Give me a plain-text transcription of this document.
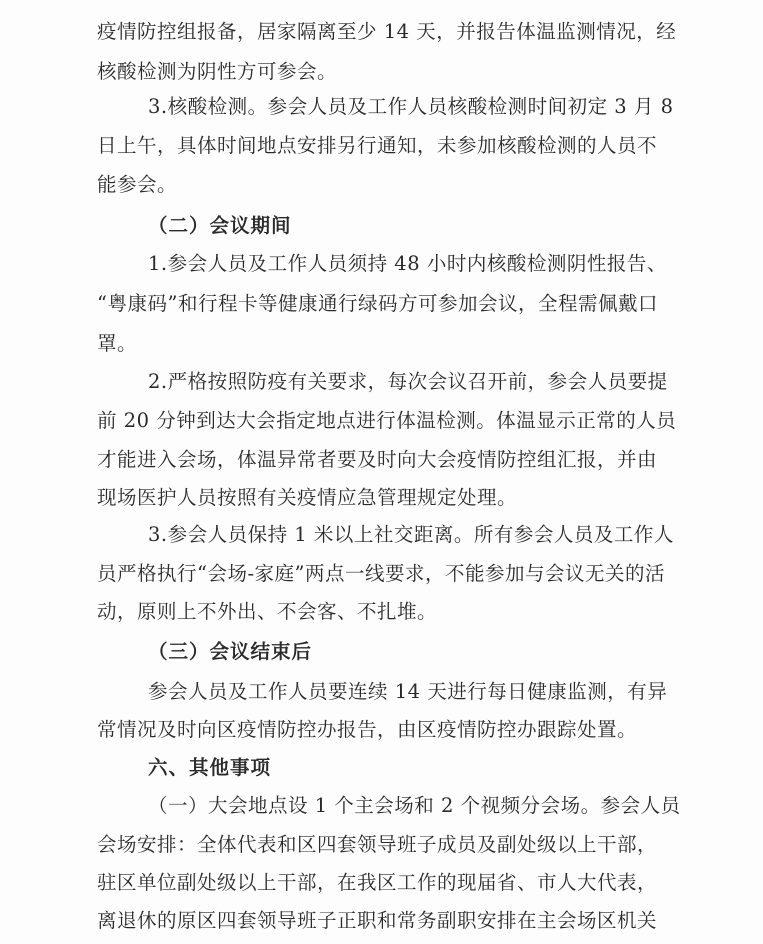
疫情防控组报备，居家隔离至少 14 天，并报告体温监测情况，经
核酸检测为阴性方可参会。
3.核酸检测。参会人员及工作人员核酸检测时间初定 3 月 8
日上午，具体时间地点安排另行通知，未参加核酸检测的人员不
能参会。
（二）会议期间
1.参会人员及工作人员须持 48 小时内核酸检测阴性报告、
“粤康码”和行程卡等健康通行绿码方可参加会议，全程需佩戴口
罩。
2.严格按照防疫有关要求，每次会议召开前，参会人员要提
前 20 分钟到达大会指定地点进行体温检测。体温显示正常的人员
才能进入会场，体温异常者要及时向大会疫情防控组汇报，并由
现场医护人员按照有关疫情应急管理规定处理。
3.参会人员保持 1 米以上社交距离。所有参会人员及工作人
员严格执行“会场-家庭”两点一线要求，不能参加与会议无关的活
动，原则上不外出、不会客、不扎堆。
（三）会议结束后
参会人员及工作人员要连续 14 天进行每日健康监测，有异
常情况及时向区疫情防控办报告，由区疫情防控办跟踪处置。
六、其他事项
（一）大会地点设 1 个主会场和 2 个视频分会场。参会人员
会场安排：全体代表和区四套领导班子成员及副处级以上干部，
驻区单位副处级以上干部，在我区工作的现届省、市人大代表，
离退休的原区四套领导班子正职和常务副职安排在主会场区机关
